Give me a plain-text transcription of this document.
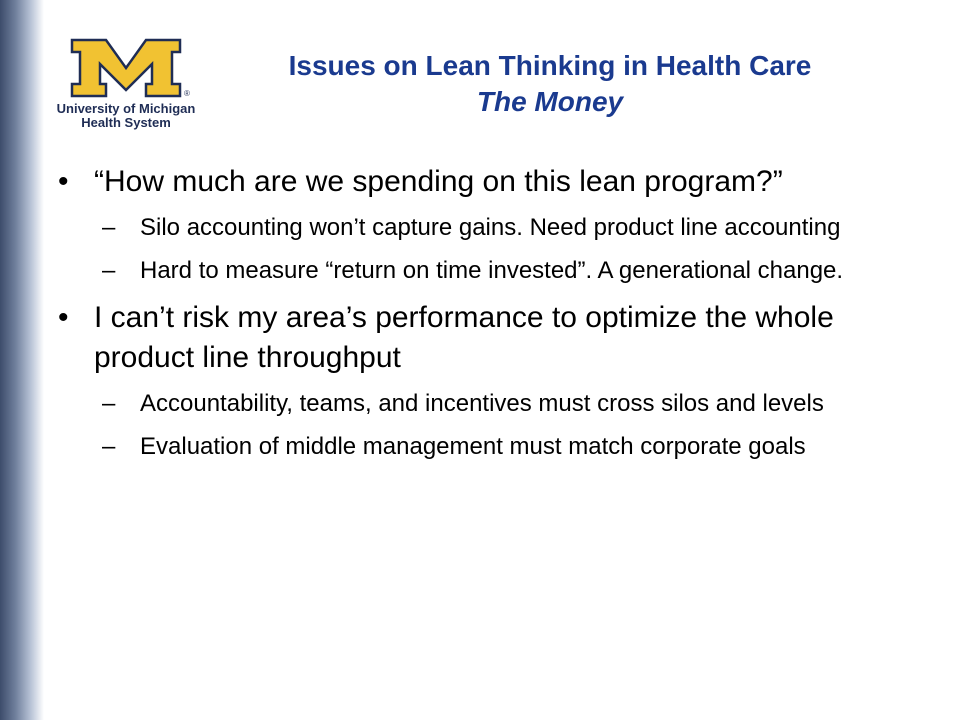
®
University of Michigan
Health System
Issues on Lean Thinking in Health Care
The Money
• “How much are we spending on this lean program?”
– Silo accounting won’t capture gains. Need product line accounting
– Hard to measure “return on time invested”. A generational change.
• I can’t risk my area’s performance to optimize the whole product line throughput
– Accountability, teams, and incentives must cross silos and levels
– Evaluation of middle management must match corporate goals
